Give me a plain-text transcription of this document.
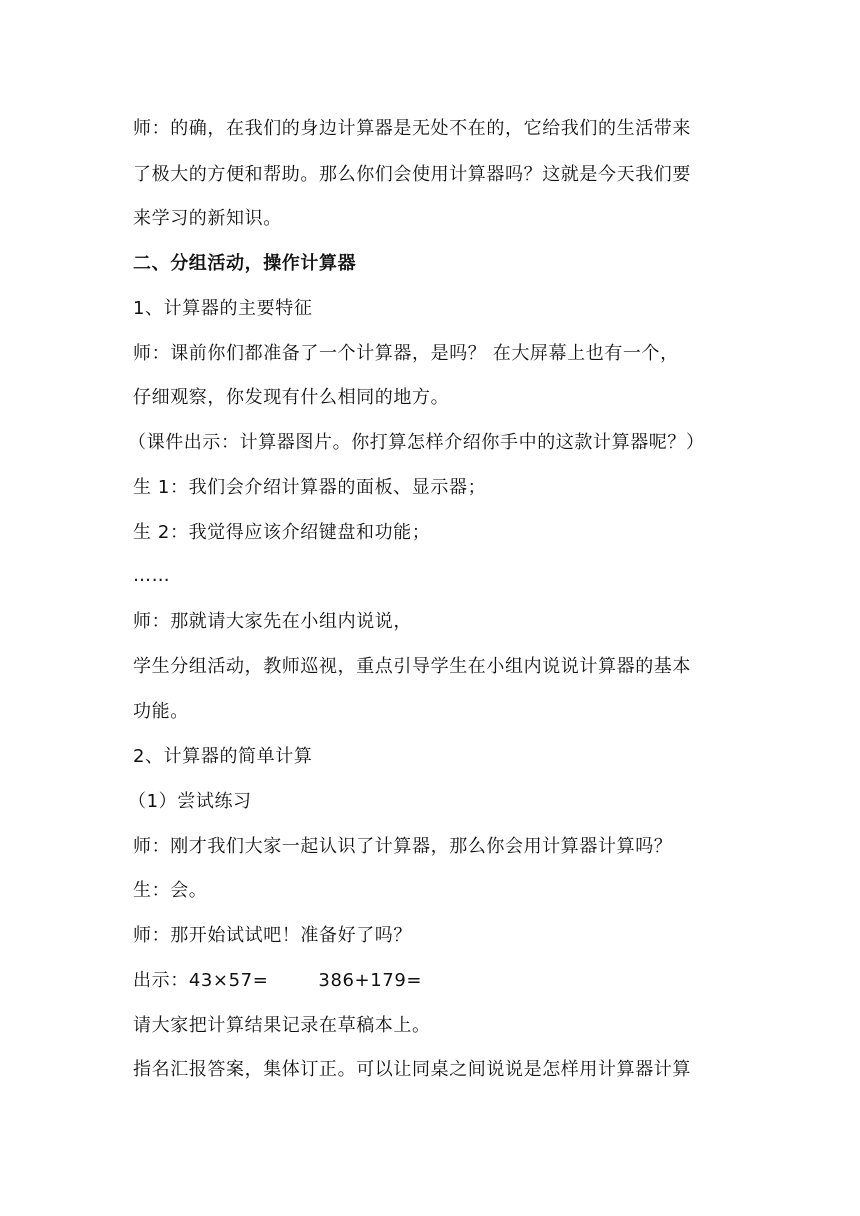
师：的确，在我们的身边计算器是无处不在的，它给我们的生活带来
了极大的方便和帮助。那么你们会使用计算器吗？这就是今天我们要
来学习的新知识。
二、分组活动，操作计算器
1、计算器的主要特征
师：课前你们都准备了一个计算器，是吗？ 在大屏幕上也有一个，
仔细观察，你发现有什么相同的地方。
（课件出示：计算器图片。你打算怎样介绍你手中的这款计算器呢？）
生 1：我们会介绍计算器的面板、显示器；
生 2：我觉得应该介绍键盘和功能；
……
师：那就请大家先在小组内说说，
学生分组活动，教师巡视，重点引导学生在小组内说说计算器的基本
功能。
2、计算器的简单计算
（1）尝试练习
师：刚才我们大家一起认识了计算器，那么你会用计算器计算吗？
生：会。
师：那开始试试吧！准备好了吗？
出示：43×57=	386+179=
请大家把计算结果记录在草稿本上。
指名汇报答案，集体订正。可以让同桌之间说说是怎样用计算器计算
